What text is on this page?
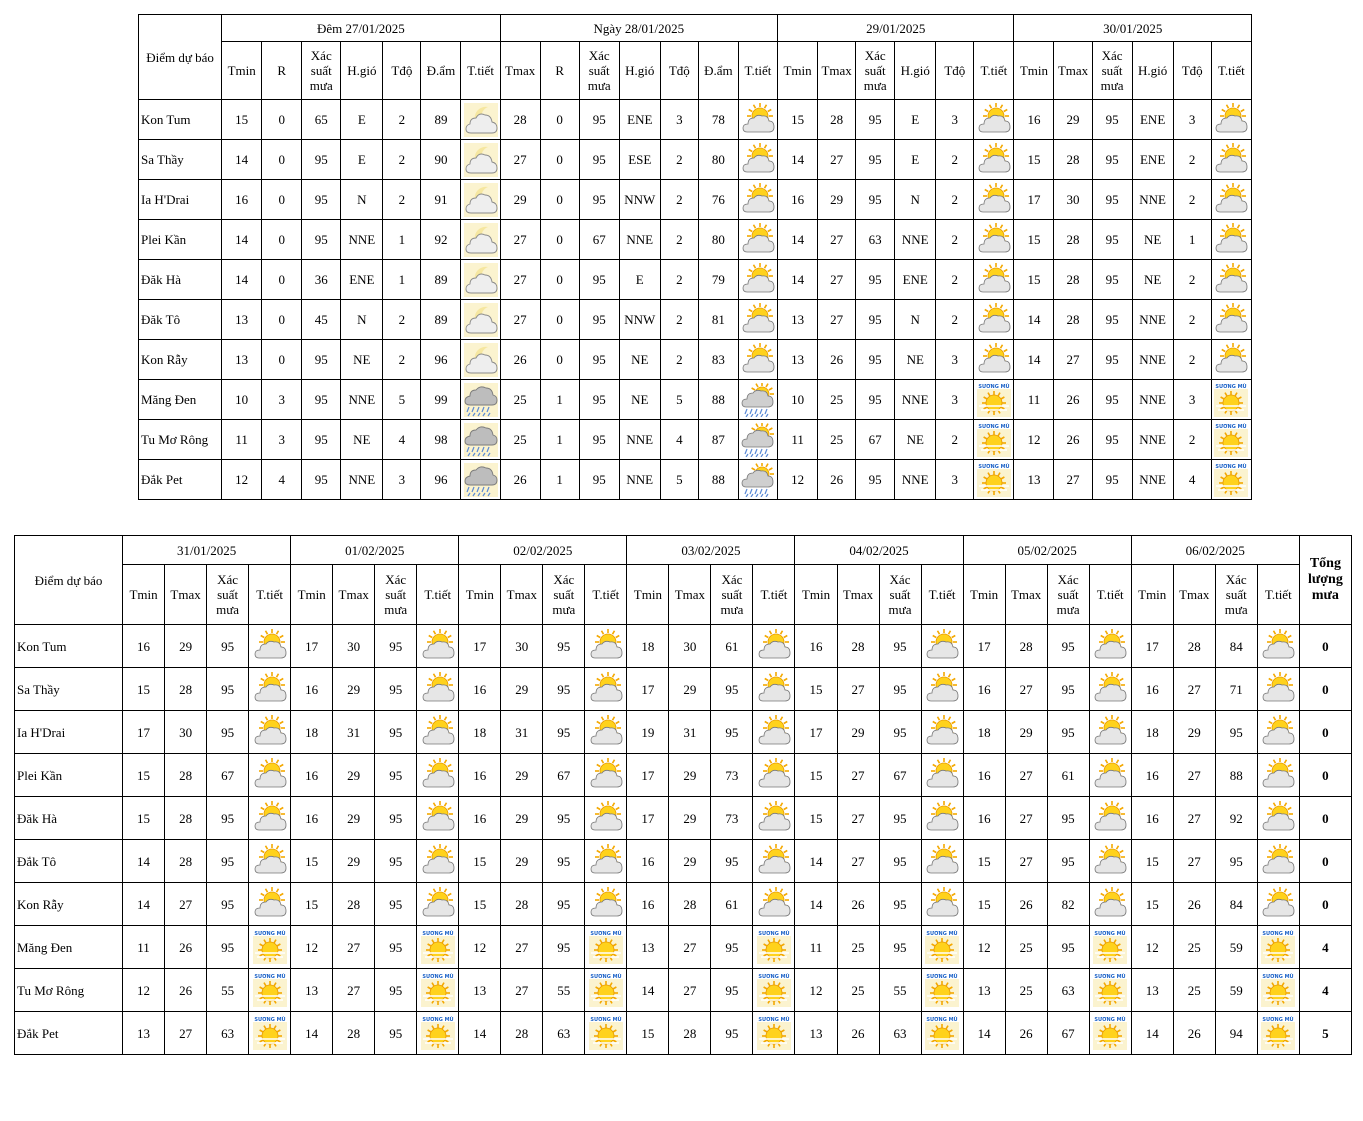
Điểm dự báo	Đêm 27/01/2025							Ngày 28/01/2025							29/01/2025						30/01/2025					
	Tmin	R	Xác suất mưa	H.gió	Tđộ	Đ.ẩm	T.tiết	Tmax	R	Xác suất mưa	H.gió	Tđộ	Đ.ẩm	T.tiết	Tmin	Tmax	Xác suất mưa	H.gió	Tđộ	T.tiết	Tmin	Tmax	Xác suất mưa	H.gió	Tđộ	T.tiết
Kon Tum	15	0	65	E	2	89		28	0	95	ENE	3	78		15	28	95	E	3		16	29	95	ENE	3	

Sa Thầy	14	0	95	E	2	90		27	0	95	ESE	2	80		14	27	95	E	2		15	28	95	ENE	2	

Ia H'Drai	16	0	95	N	2	91		29	0	95	NNW	2	76		16	29	95	N	2		17	30	95	NNE	2	

Plei Kần	14	0	95	NNE	1	92		27	0	67	NNE	2	80		14	27	63	NNE	2		15	28	95	NE	1	

Đăk Hà	14	0	36	ENE	1	89		27	0	95	E	2	79		14	27	95	ENE	2		15	28	95	NE	2	

Đăk Tô	13	0	45	N	2	89		27	0	95	NNW	2	81		13	27	95	N	2		14	28	95	NNE	2	

Kon Rẫy	13	0	95	NE	2	96		26	0	95	NE	2	83		13	26	95	NE	3		14	27	95	NNE	2	

Măng Đen	10	3	95	NNE	5	99		25	1	95	NE	5	88		10	25	95	NNE	3	SƯƠNG MÙ	11	26	95	NNE	3	SƯƠNG MÙ

Tu Mơ Rông	11	3	95	NE	4	98		25	1	95	NNE	4	87		11	25	67	NE	2	SƯƠNG MÙ	12	26	95	NNE	2	SƯƠNG MÙ

Đắk Pet	12	4	95	NNE	3	96		26	1	95	NNE	5	88		12	26	95	NNE	3	SƯƠNG MÙ	13	27	95	NNE	4	SƯƠNG MÙ
Điểm dự báo	31/01/2025				01/02/2025				02/02/2025				03/02/2025				04/02/2025				05/02/2025				06/02/2025				Tổng lượng mưa
	Tmin	Tmax	Xác suất mưa	T.tiết	Tmin	Tmax	Xác suất mưa	T.tiết	Tmin	Tmax	Xác suất mưa	T.tiết	Tmin	Tmax	Xác suất mưa	T.tiết	Tmin	Tmax	Xác suất mưa	T.tiết	Tmin	Tmax	Xác suất mưa	T.tiết	Tmin	Tmax	Xác suất mưa	T.tiết	
Kon Tum	16	29	95		17	30	95		17	30	95		18	30	61		16	28	95		17	28	95		17	28	84		0
Sa Thầy	15	28	95		16	29	95		16	29	95		17	29	95		15	27	95		16	27	95		16	27	71		0
Ia H'Drai	17	30	95		18	31	95		18	31	95		19	31	95		17	29	95		18	29	95		18	29	95		0
Plei Kần	15	28	67		16	29	95		16	29	67		17	29	73		15	27	67		16	27	61		16	27	88		0
Đăk Hà	15	28	95		16	29	95		16	29	95		17	29	73		15	27	95		16	27	95		16	27	92		0
Đắk Tô	14	28	95		15	29	95		15	29	95		16	29	95		14	27	95		15	27	95		15	27	95		0
Kon Rẫy	14	27	95		15	28	95		15	28	95		16	28	61		14	26	95		15	26	82		15	26	84		0
Măng Đen	11	26	95	SƯƠNG MÙ	12	27	95	SƯƠNG MÙ	12	27	95	SƯƠNG MÙ	13	27	95	SƯƠNG MÙ	11	25	95	SƯƠNG MÙ	12	25	95	SƯƠNG MÙ	12	25	59	SƯƠNG MÙ	4
Tu Mơ Rông	12	26	55	SƯƠNG MÙ	13	27	95	SƯƠNG MÙ	13	27	55	SƯƠNG MÙ	14	27	95	SƯƠNG MÙ	12	25	55	SƯƠNG MÙ	13	25	63	SƯƠNG MÙ	13	25	59	SƯƠNG MÙ	4
Đắk Pet	13	27	63	SƯƠNG MÙ	14	28	95	SƯƠNG MÙ	14	28	63	SƯƠNG MÙ	15	28	95	SƯƠNG MÙ	13	26	63	SƯƠNG MÙ	14	26	67	SƯƠNG MÙ	14	26	94	SƯƠNG MÙ	5
